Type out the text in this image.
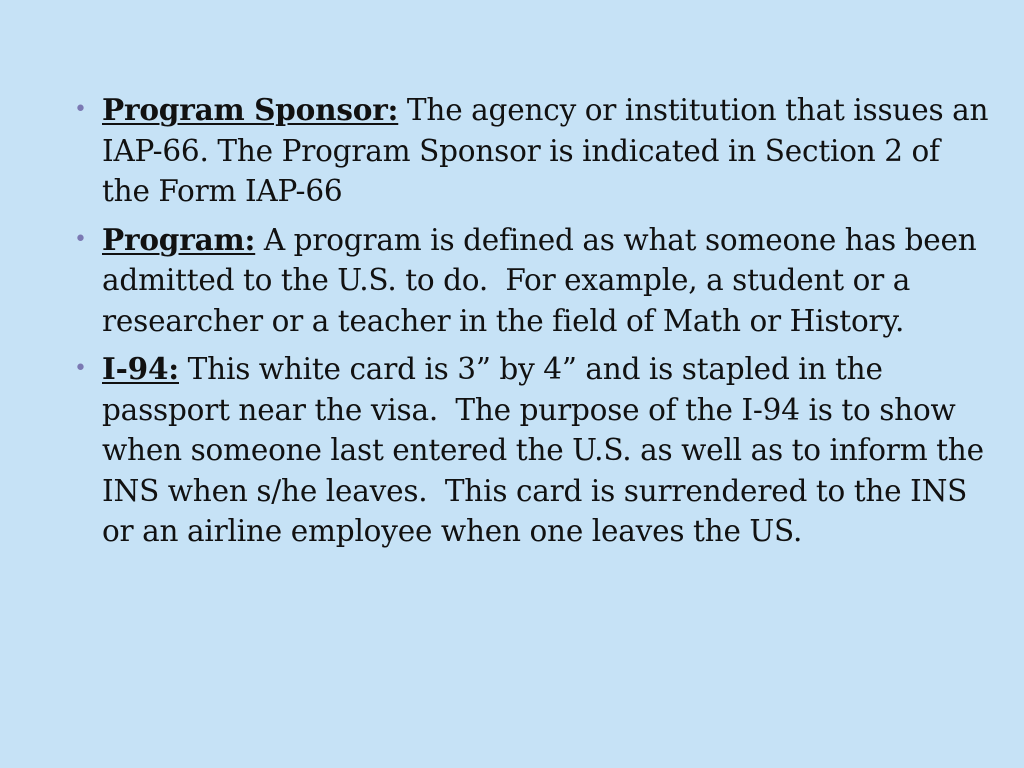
• Program Sponsor: The agency or institution that issues an IAP-66. The Program Sponsor is indicated in Section 2 of the Form IAP-66
• Program: A program is defined as what someone has been admitted to the U.S. to do.  For example, a student or a researcher or a teacher in the field of Math or History.
• I-94: This white card is 3” by 4” and is stapled in the passport near the visa.  The purpose of the I-94 is to show when someone last entered the U.S. as well as to inform the INS when s/he leaves.  This card is surrendered to the INS or an airline employee when one leaves the US.
